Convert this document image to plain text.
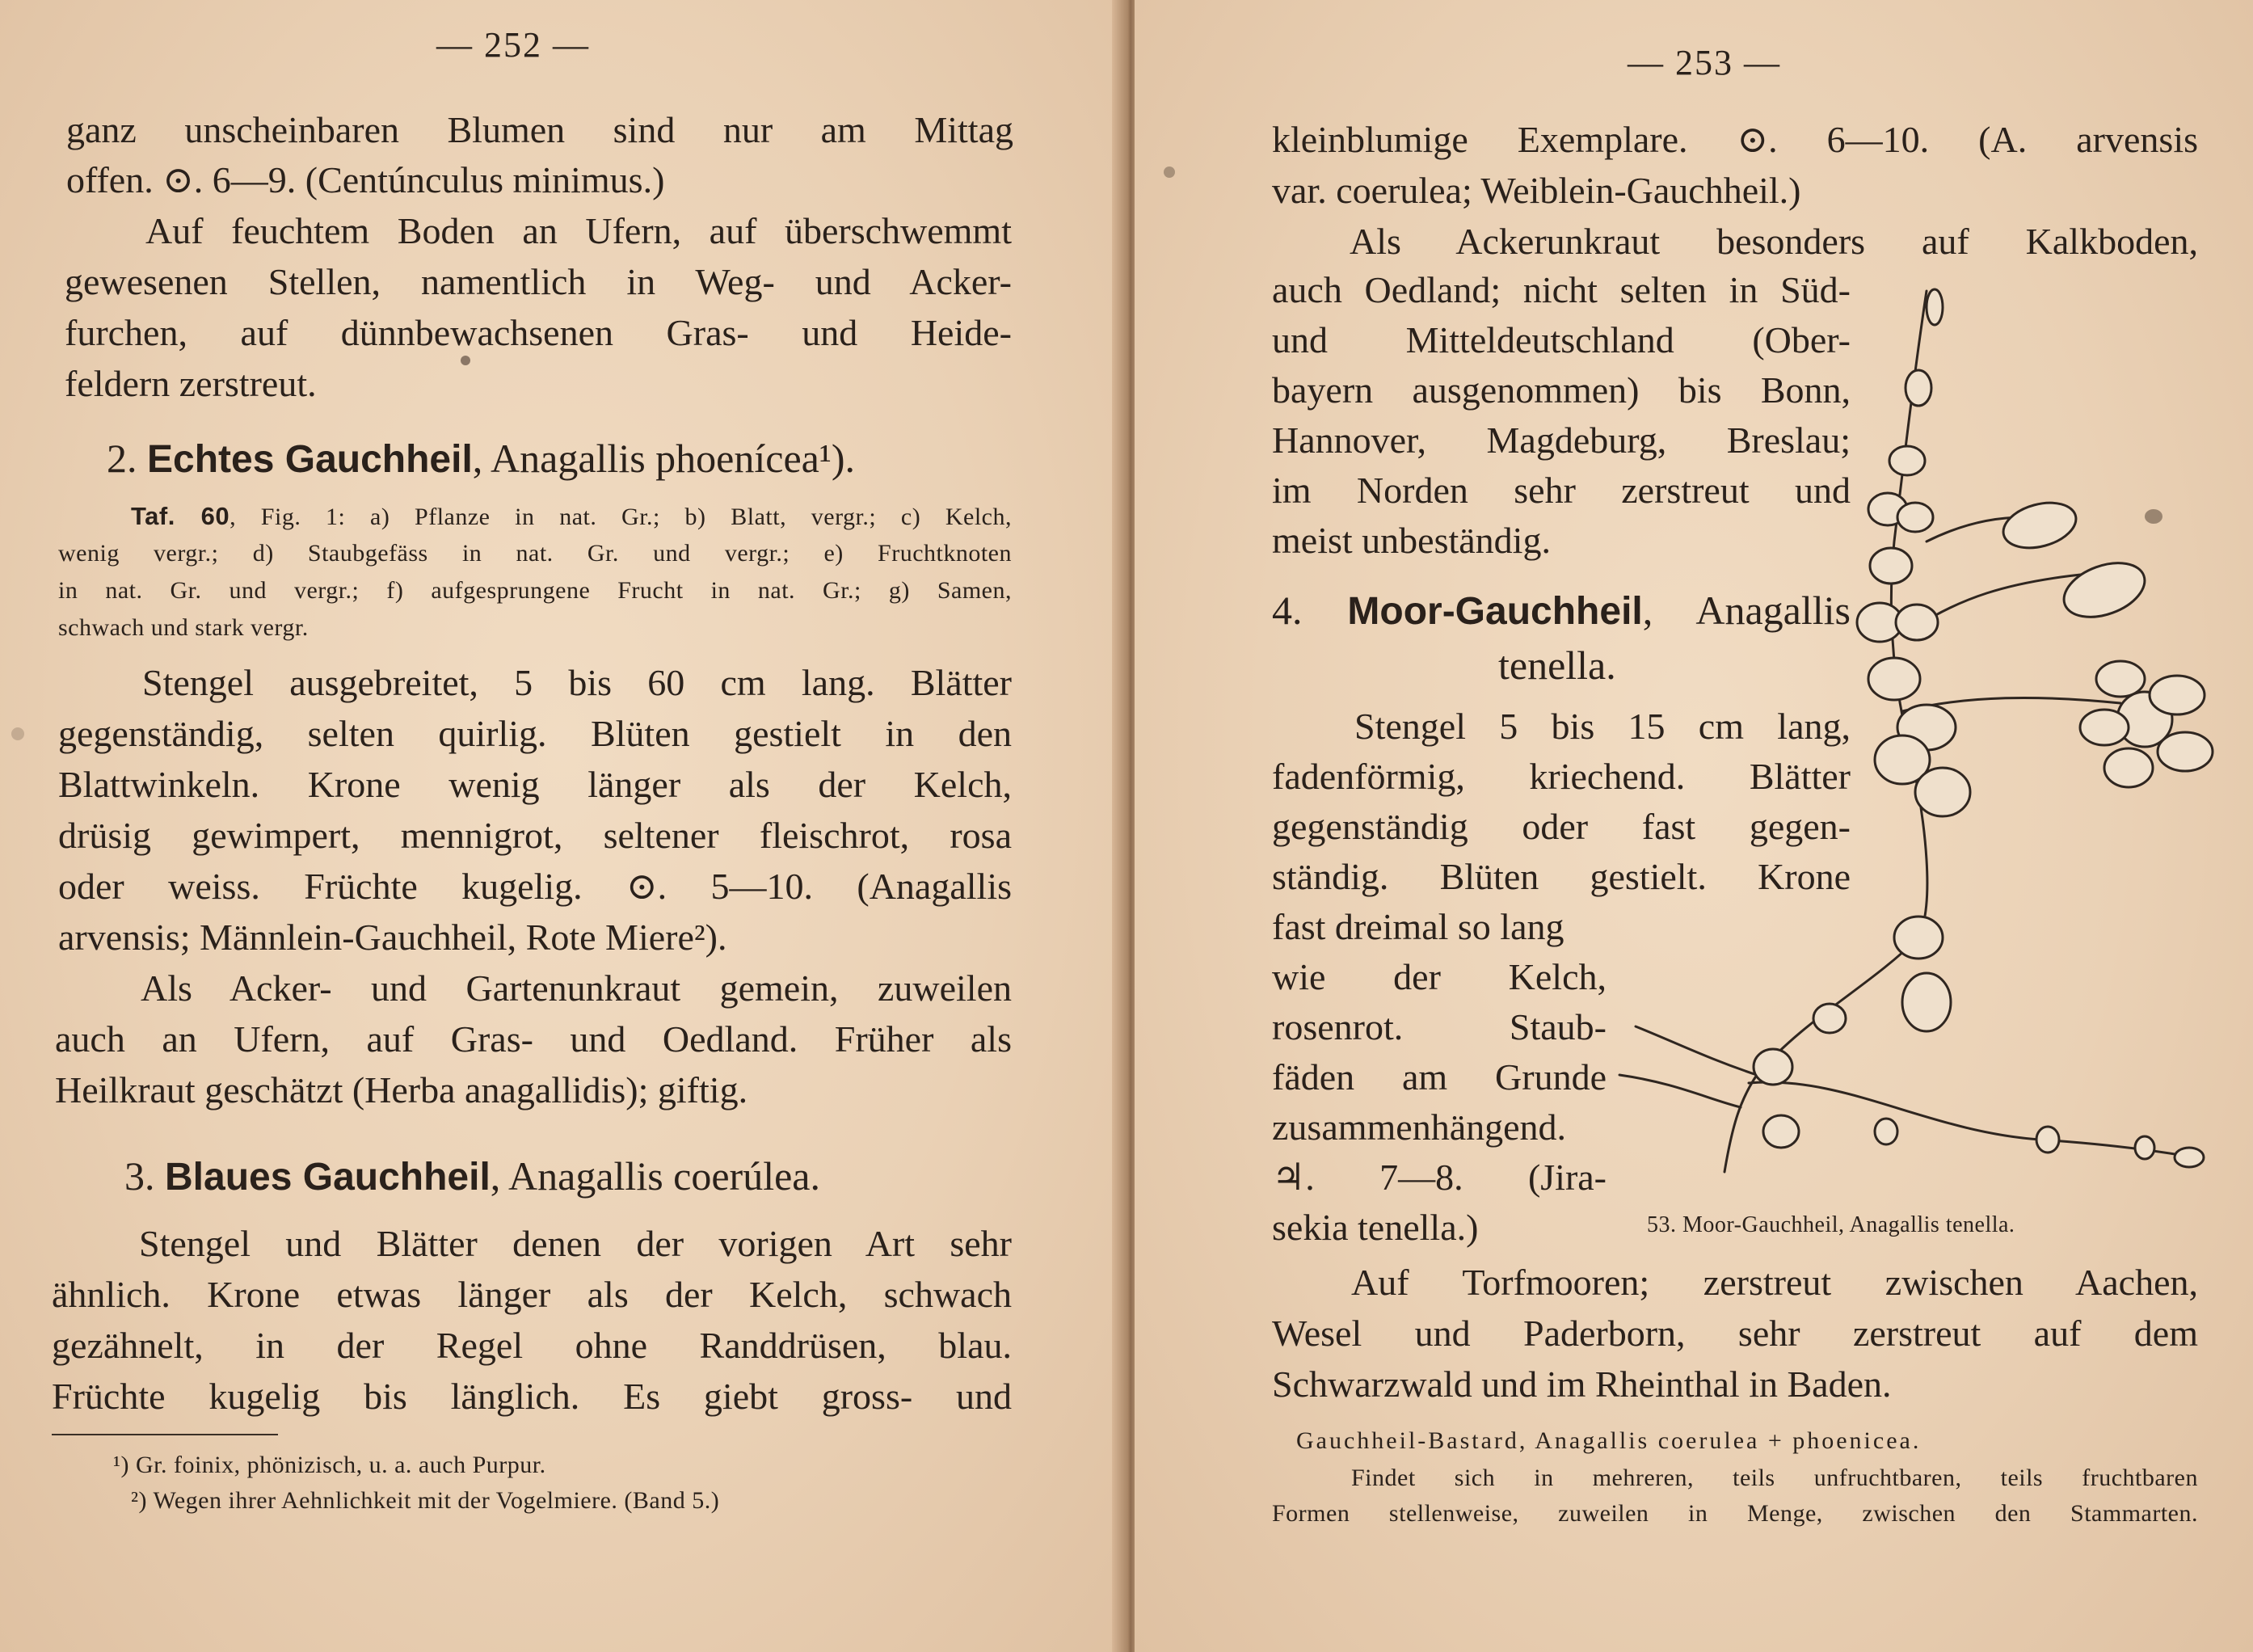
— 252 —
ganz unscheinbaren Blumen sind nur am Mittag
offen. ⊙. 6—9. (Centúnculus minimus.)
Auf feuchtem Boden an Ufern, auf überschwemmt
gewesenen Stellen, namentlich in Weg- und Acker-
furchen, auf dünnbewachsenen Gras- und Heide-
feldern zerstreut.
2. Echtes Gauchheil, Anagallis phoenícea¹).
Taf. 60, Fig. 1: a) Pflanze in nat. Gr.; b) Blatt, vergr.; c) Kelch,
wenig vergr.; d) Staubgefäss in nat. Gr. und vergr.; e) Fruchtknoten
in nat. Gr. und vergr.; f) aufgesprungene Frucht in nat. Gr.; g) Samen,
schwach und stark vergr.
Stengel ausgebreitet, 5 bis 60 cm lang. Blätter
gegenständig, selten quirlig. Blüten gestielt in den
Blattwinkeln. Krone wenig länger als der Kelch,
drüsig gewimpert, mennigrot, seltener fleischrot, rosa
oder weiss. Früchte kugelig. ⊙. 5—10. (Anagallis
arvensis; Männlein-Gauchheil, Rote Miere²).
Als Acker- und Gartenunkraut gemein, zuweilen
auch an Ufern, auf Gras- und Oedland. Früher als
Heilkraut geschätzt (Herba anagallidis); giftig.
3. Blaues Gauchheil, Anagallis coerúlea.
Stengel und Blätter denen der vorigen Art sehr
ähnlich. Krone etwas länger als der Kelch, schwach
gezähnelt, in der Regel ohne Randdrüsen, blau.
Früchte kugelig bis länglich. Es giebt gross- und
¹) Gr. foinix, phönizisch, u. a. auch Purpur.
²) Wegen ihrer Aehnlichkeit mit der Vogelmiere. (Band 5.)
— 253 —
kleinblumige Exemplare. ⊙. 6—10. (A. arvensis
var. coerulea; Weiblein-Gauchheil.)
Als Ackerunkraut besonders auf Kalkboden,
auch Oedland; nicht selten in Süd-
und Mitteldeutschland (Ober-
bayern ausgenommen) bis Bonn,
Hannover, Magdeburg, Breslau;
im Norden sehr zerstreut und
meist unbeständig.
4. Moor-Gauchheil, Anagallis
tenella.
Stengel 5 bis 15 cm lang,
fadenförmig, kriechend. Blätter
gegenständig oder fast gegen-
ständig. Blüten gestielt. Krone
fast dreimal so lang
wie der Kelch,
rosenrot. Staub-
fäden am Grunde
zusammenhängend.
♃. 7—8. (Jira-
sekia tenella.)	53. Moor-Gauchheil, Anagallis tenella.
Auf Torfmooren; zerstreut zwischen Aachen,
Wesel und Paderborn, sehr zerstreut auf dem
Schwarzwald und im Rheinthal in Baden.
Gauchheil-Bastard, Anagallis coerulea + phoenicea.
Findet sich in mehreren, teils unfruchtbaren, teils fruchtbaren
Formen stellenweise, zuweilen in Menge, zwischen den Stammarten.
